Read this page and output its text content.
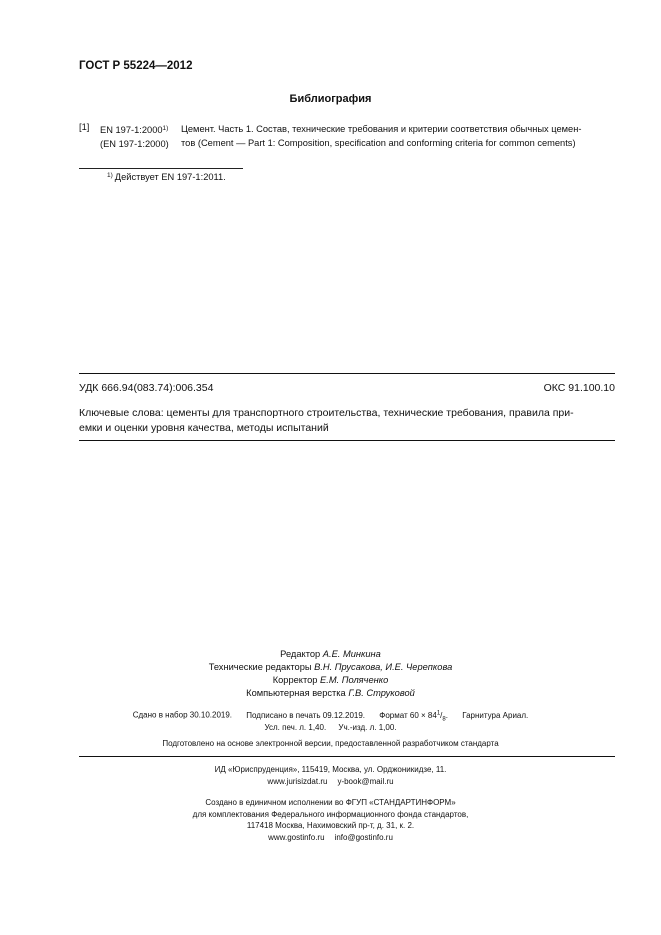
ГОСТ Р 55224—2012
Библиография
[1] EN 197-1:2000$^{1)}$
(EN 197-1:2000)
Цемент. Часть 1. Состав, технические требования и критерии соответствия обычных цемен-
тов (Cement — Part 1: Composition, specification and conforming criteria for common cements)
$^{1)}$ Действует EN 197-1:2011.
УДК 666.94(083.74):006.354	ОКС 91.100.10
Ключевые слова: цементы для транспортного строительства, технические требования, правила при-
емки и оценки уровня качества, методы испытаний
Редактор А.Е. Минкина
Технические редакторы В.Н. Прусакова, И.Е. Черепкова
Корректор Е.М. Поляченко
Компьютерная верстка Г.В. Струковой
Сдано в набор 30.10.2019. Подписано в печать 09.12.2019. Формат $60 \times 84^1/_8$. Гарнитура Ариал.
Усл. печ. л. 1,40. Уч.-изд. л. 1,00.
Подготовлено на основе электронной версии, предоставленной разработчиком стандарта
ИД «Юриспруденция», 115419, Москва, ул. Орджоникидзе, 11.
www.jurisizdat.ru y-book@mail.ru
Создано в единичном исполнении во ФГУП «СТАНДАРТИНФОРМ»
для комплектования Федерального информационного фонда стандартов,
117418 Москва, Нахимовский пр-т, д. 31, к. 2.
www.gostinfo.ru info@gostinfo.ru
